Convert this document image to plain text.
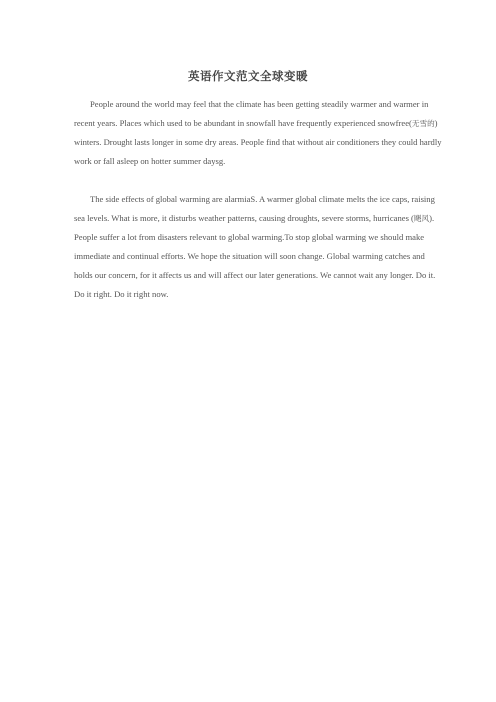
英语作文范文全球变暖

People around the world may feel that the climate has been getting steadily warmer and warmer in recent years. Places which used to be abundant in snowfall have frequently experienced snowfree(无雪的) winters. Drought lasts longer in some dry areas. People find that without air conditioners they could hardly work or fall asleep on hotter summer daysg.

The side effects of global warming are alarmiaS. A warmer global climate melts the ice caps, raising sea levels. What is more, it disturbs weather patterns, causing droughts, severe storms, hurricanes (飓风). People suffer a lot from disasters relevant to global warming.To stop global warming we should make immediate and continual efforts. We hope the situation will soon change. Global warming catches and holds our concern, for it affects us and will affect our later generations. We cannot wait any longer. Do it. Do it right. Do it right now.
